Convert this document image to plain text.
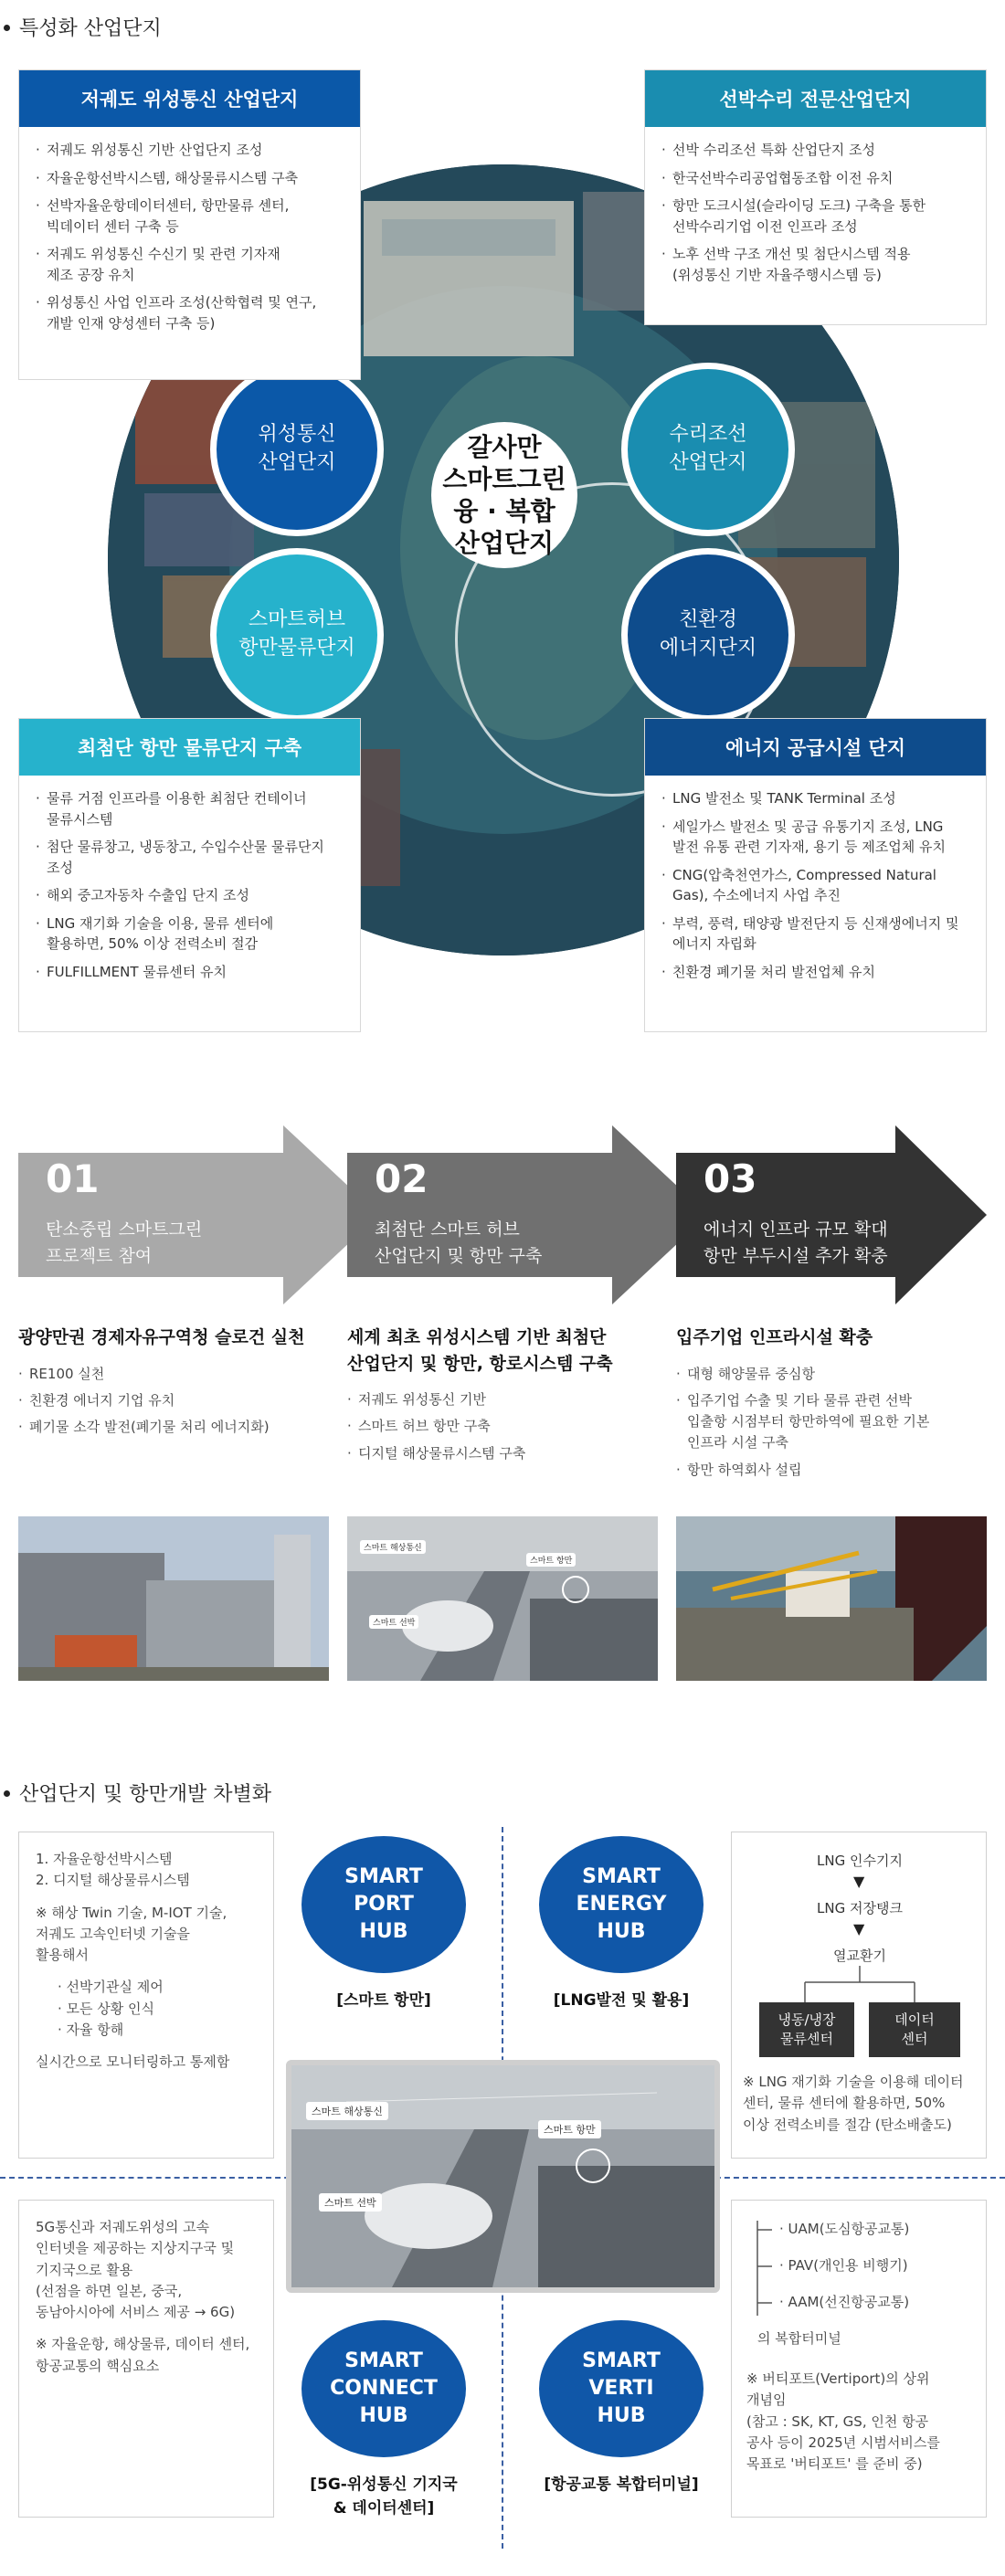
특성화 산업단지
갈사만
스마트그린
융 · 복합
산업단지
위성통신
산업단지
스마트허브
항만물류단지
수리조선
산업단지
친환경
에너지단지
저궤도 위성통신 산업단지
· 저궤도 위성통신 기반 산업단지 조성
· 자율운항선박시스템, 해상물류시스템 구축
· 선박자율운항데이터센터, 항만물류 센터,
빅데이터 센터 구축 등
· 저궤도 위성통신 수신기 및 관련 기자재
제조 공장 유치
· 위성통신 사업 인프라 조성(산학협력 및 연구,
개발 인재 양성센터 구축 등)
선박수리 전문산업단지
· 선박 수리조선 특화 산업단지 조성
· 한국선박수리공업협동조합 이전 유치
· 항만 도크시설(슬라이딩 도크) 구축을 통한
선박수리기업 이전 인프라 조성
· 노후 선박 구조 개선 및 첨단시스템 적용
(위성통신 기반 자율주행시스템 등)
최첨단 항만 물류단지 구축
· 물류 거점 인프라를 이용한 최첨단 컨테이너
물류시스템
· 첨단 물류창고, 냉동창고, 수입수산물 물류단지
조성
· 해외 중고자동차 수출입 단지 조성
· LNG 재기화 기술을 이용, 물류 센터에
활용하면, 50% 이상 전력소비 절감
· FULFILLMENT 물류센터 유치
에너지 공급시설 단지
· LNG 발전소 및 TANK Terminal 조성
· 세일가스 발전소 및 공급 유통기지 조성, LNG
발전 유통 관련 기자재, 용기 등 제조업체 유치
· CNG(압축천연가스, Compressed Natural
Gas), 수소에너지 사업 추진
· 부력, 풍력, 태양광 발전단지 등 신재생에너지 및
에너지 자립화
· 친환경 폐기물 처리 발전업체 유치
01
탄소중립 스마트그린
프로젝트 참여
02
최첨단 스마트 허브
산업단지 및 항만 구축
03
에너지 인프라 규모 확대
항만 부두시설 추가 확충
광양만권 경제자유구역청 슬로건 실천
· RE100 실천
· 친환경 에너지 기업 유치
· 폐기물 소각 발전(폐기물 처리 에너지화)
세계 최초 위성시스템 기반 최첨단
산업단지 및 항만, 항로시스템 구축
· 저궤도 위성통신 기반
· 스마트 허브 항만 구축
· 디지털 해상물류시스템 구축
입주기업 인프라시설 확충
· 대형 해양물류 중심항
· 입주기업 수출 및 기타 물류 관련 선박
입출항 시점부터 항만하역에 필요한 기본
인프라 시설 구축
· 항만 하역회사 설립
스마트 해상통신
스마트 항만
스마트 선박
산업단지 및 항만개발 차별화
1. 자율운항선박시스템
2. 디지털 해상물류시스템
※ 해상 Twin 기술, M-IOT 기술,
저궤도 고속인터넷 기술을
활용해서
· 선박기관실 제어
· 모든 상황 인식
· 자율 항해
실시간으로 모니터링하고 통제함
SMART
PORT
HUB
[스마트 항만]
SMART
ENERGY
HUB
[LNG발전 및 활용]
LNG 인수기지
▼
LNG 저장탱크
▼
열교환기
냉동/냉장
물류센터
데이터
센터
※ LNG 재기화 기술을 이용해 데이터
센터, 물류 센터에 활용하면, 50%
이상 전력소비를 절감 (탄소배출도)
스마트 해상통신
스마트 항만
스마트 선박
5G통신과 저궤도위성의 고속
인터넷을 제공하는 지상지구국 및
기지국으로 활용
(선점을 하면 일본, 중국,
동남아시아에 서비스 제공 → 6G)
※ 자율운항, 해상물류, 데이터 센터,
항공교통의 핵심요소	SMART
CONNECT
HUB
[5G-위성통신 기지국
& 데이터센터]
SMART
VERTI
HUB
[항공교통 복합터미널]
· UAM(도심항공교통)
· PAV(개인용 비행기)
· AAM(선진항공교통)
의 복합터미널
※ 버티포트(Vertiport)의 상위
개념임
(참고 : SK, KT, GS, 인천 항공
공사 등이 2025년 시범서비스를
목표로 '버티포트' 를 준비 중)
